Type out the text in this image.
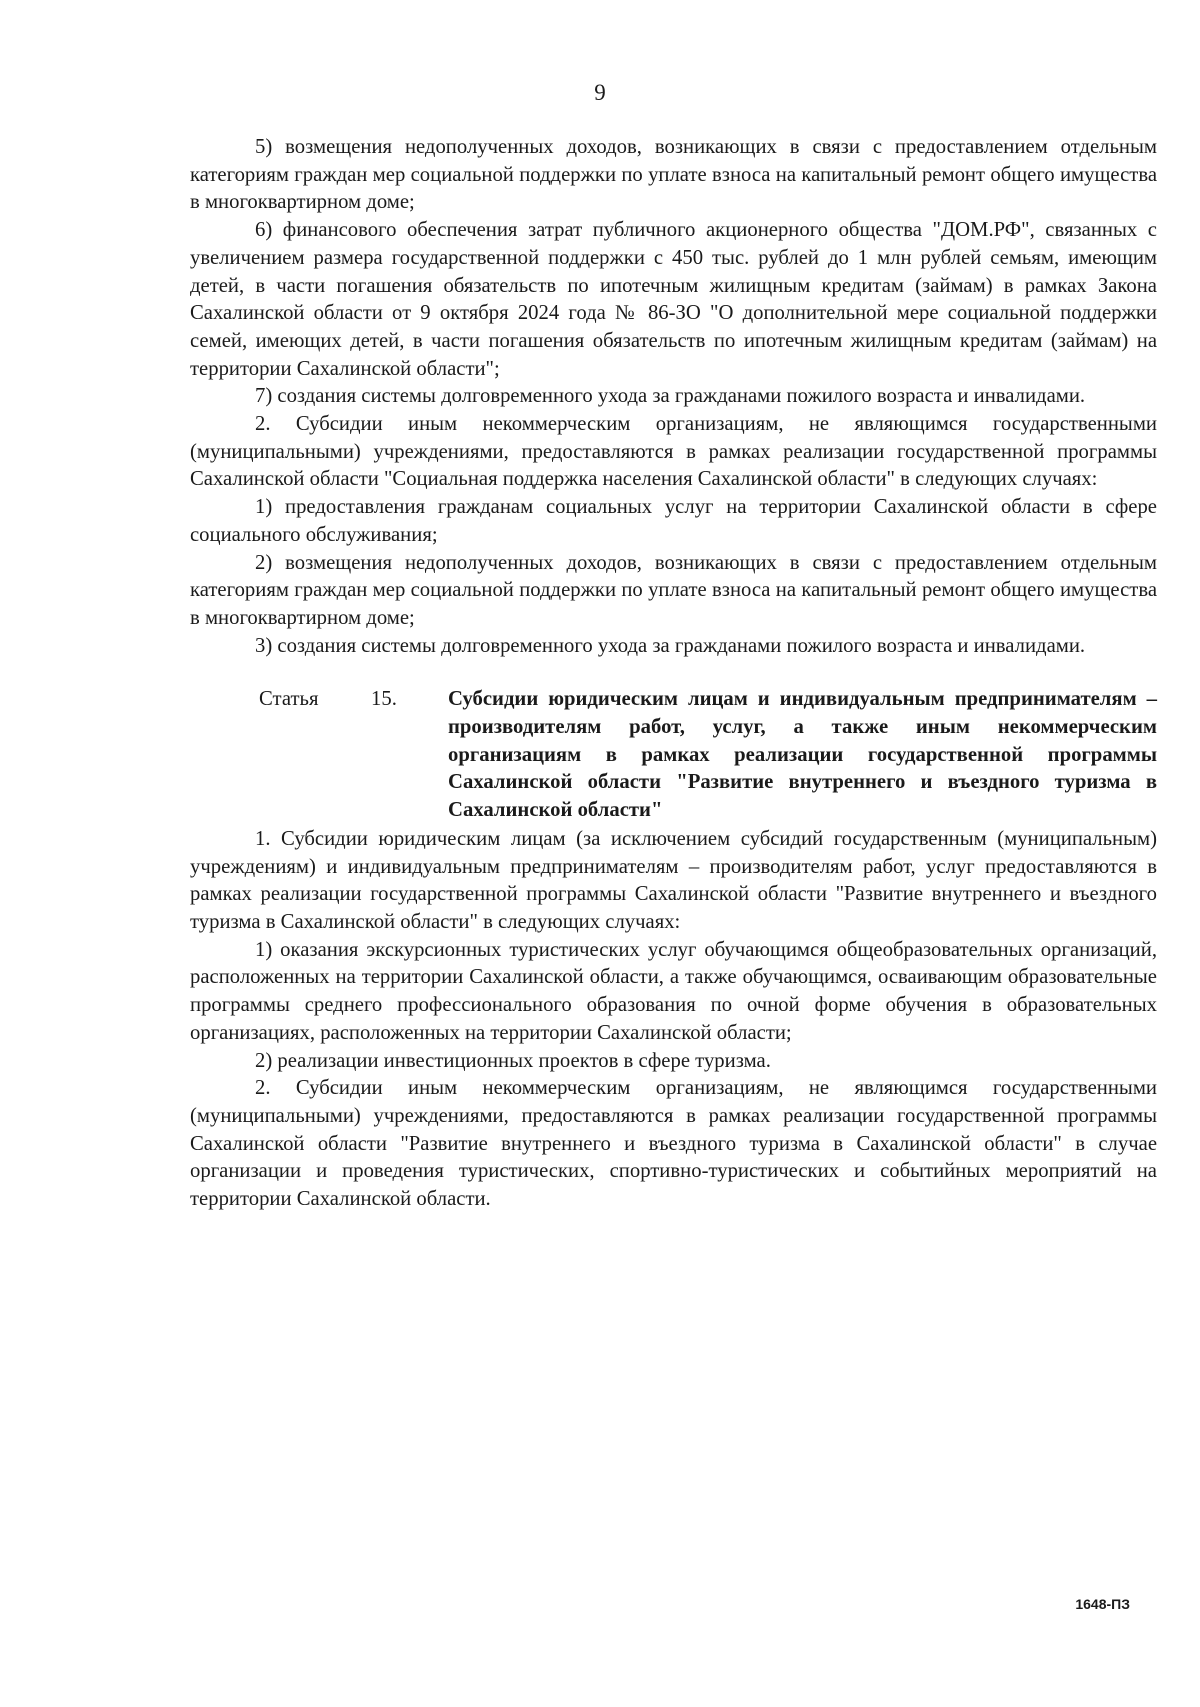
9

5) возмещения недополученных доходов, возникающих в связи с предоставлением отдельным категориям граждан мер социальной поддержки по уплате взноса на капитальный ремонт общего имущества в многоквартирном доме;

6) финансового обеспечения затрат публичного акционерного общества "ДОМ.РФ", связанных с увеличением размера государственной поддержки с 450 тыс. рублей до 1 млн рублей семьям, имеющим детей, в части погашения обязательств по ипотечным жилищным кредитам (займам) в рамках Закона Сахалинской области от 9 октября 2024 года № 86-ЗО "О дополнительной мере социальной поддержки семей, имеющих детей, в части погашения обязательств по ипотечным жилищным кредитам (займам) на территории Сахалинской области";

7) создания системы долговременного ухода за гражданами пожилого возраста и инвалидами.

2. Субсидии иным некоммерческим организациям, не являющимся государственными (муниципальными) учреждениями, предоставляются в рамках реализации государственной программы Сахалинской области "Социальная поддержка населения Сахалинской области" в следующих случаях:

1) предоставления гражданам социальных услуг на территории Сахалинской области в сфере социального обслуживания;

2) возмещения недополученных доходов, возникающих в связи с предоставлением отдельным категориям граждан мер социальной поддержки по уплате взноса на капитальный ремонт общего имущества в многоквартирном доме;

3) создания системы долговременного ухода за гражданами пожилого возраста и инвалидами.

Статья	15.	Субсидии юридическим лицам и индивидуальным предпринимателям – производителям работ, услуг, а также иным некоммерческим организациям в рамках реализации государственной программы Сахалинской области "Развитие внутреннего и въездного туризма в Сахалинской области"

1. Субсидии юридическим лицам (за исключением субсидий государственным (муниципальным) учреждениям) и индивидуальным предпринимателям – производителям работ, услуг предоставляются в рамках реализации государственной программы Сахалинской области "Развитие внутреннего и въездного туризма в Сахалинской области" в следующих случаях:

1) оказания экскурсионных туристических услуг обучающимся общеобразовательных организаций, расположенных на территории Сахалинской области, а также обучающимся, осваивающим образовательные программы среднего профессионального образования по очной форме обучения в образовательных организациях, расположенных на территории Сахалинской области;

2) реализации инвестиционных проектов в сфере туризма.

2. Субсидии иным некоммерческим организациям, не являющимся государственными (муниципальными) учреждениями, предоставляются в рамках реализации государственной программы Сахалинской области "Развитие внутреннего и въездного туризма в Сахалинской области" в случае организации и проведения туристических, спортивно-туристических и событийных мероприятий на территории Сахалинской области.

1648-ПЗ
